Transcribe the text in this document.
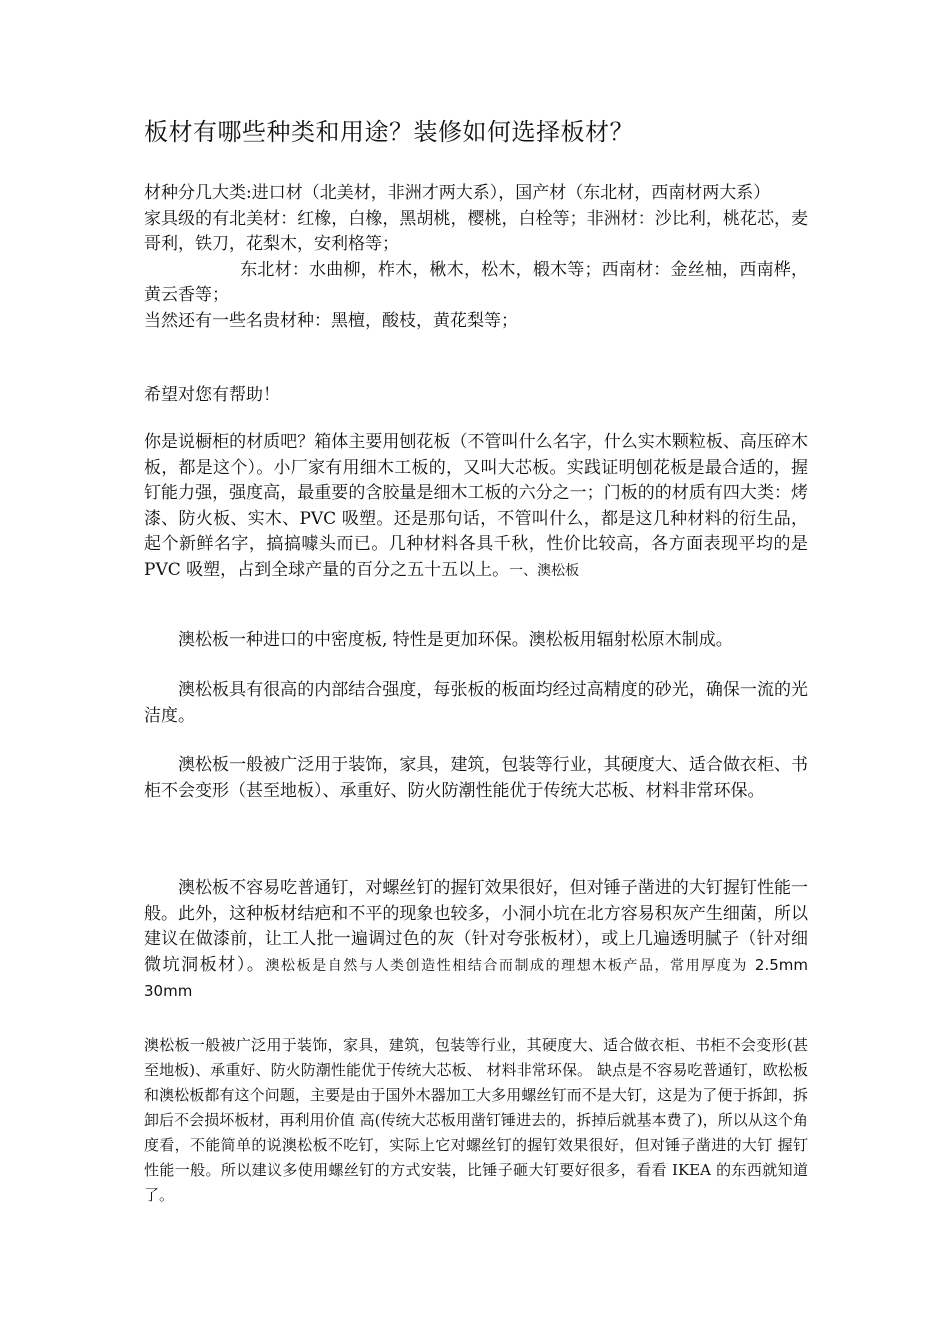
板材有哪些种类和用途？装修如何选择板材？

材种分几大类:进口材（北美材，非洲才两大系），国产材（东北材，西南材两大系）
家具级的有北美材：红橡，白橡，黑胡桃，樱桃，白栓等；非洲材：沙比利，桃花芯，麦哥利，铁刀，花梨木，安利格等；
东北材：水曲柳，柞木，楸木，松木，椴木等；西南材：金丝柚，西南桦，黄云香等；
当然还有一些名贵材种：黑檀，酸枝，黄花梨等；

希望对您有帮助！

你是说橱柜的材质吧？箱体主要用刨花板（不管叫什么名字，什么实木颗粒板、高压碎木板，都是这个）。小厂家有用细木工板的，又叫大芯板。实践证明刨花板是最合适的，握钉能力强，强度高，最重要的含胶量是细木工板的六分之一；门板的的材质有四大类：烤漆、防火板、实木、PVC 吸塑。还是那句话，不管叫什么，都是这几种材料的衍生品，起个新鲜名字，搞搞噱头而已。几种材料各具千秋，性价比较高，各方面表现平均的是 PVC 吸塑，占到全球产量的百分之五十五以上。一、澳松板

澳松板一种进口的中密度板, 特性是更加环保。澳松板用辐射松原木制成。

澳松板具有很高的内部结合强度，每张板的板面均经过高精度的砂光，确保一流的光洁度。

澳松板一般被广泛用于装饰，家具，建筑，包装等行业，其硬度大、适合做衣柜、书柜不会变形（甚至地板）、承重好、防火防潮性能优于传统大芯板、材料非常环保。

澳松板不容易吃普通钉，对螺丝钉的握钉效果很好，但对锤子凿进的大钉握钉性能一般。此外，这种板材结疤和不平的现象也较多，小洞小坑在北方容易积灰产生细菌，所以建议在做漆前，让工人批一遍调过色的灰（针对夸张板材），或上几遍透明腻子（针对细微坑洞板材）。澳松板是自然与人类创造性相结合而制成的理想木板产品，常用厚度为 2.5mm　30mm

澳松板一般被广泛用于装饰，家具，建筑，包装等行业，其硬度大、适合做衣柜、书柜不会变形(甚至地板)、承重好、防火防潮性能优于传统大芯板、 材料非常环保。 缺点是不容易吃普通钉，欧松板和澳松板都有这个问题，主要是由于国外木器加工大多用螺丝钉而不是大钉，这是为了便于拆卸，拆卸后不会损坏板材，再利用价值 高(传统大芯板用凿钉锤进去的，拆掉后就基本费了)，所以从这个角度看，不能简单的说澳松板不吃钉，实际上它对螺丝钉的握钉效果很好，但对锤子凿进的大钉 握钉性能一般。所以建议多使用螺丝钉的方式安装，比锤子砸大钉要好很多，看看 IKEA 的东西就知道了。
